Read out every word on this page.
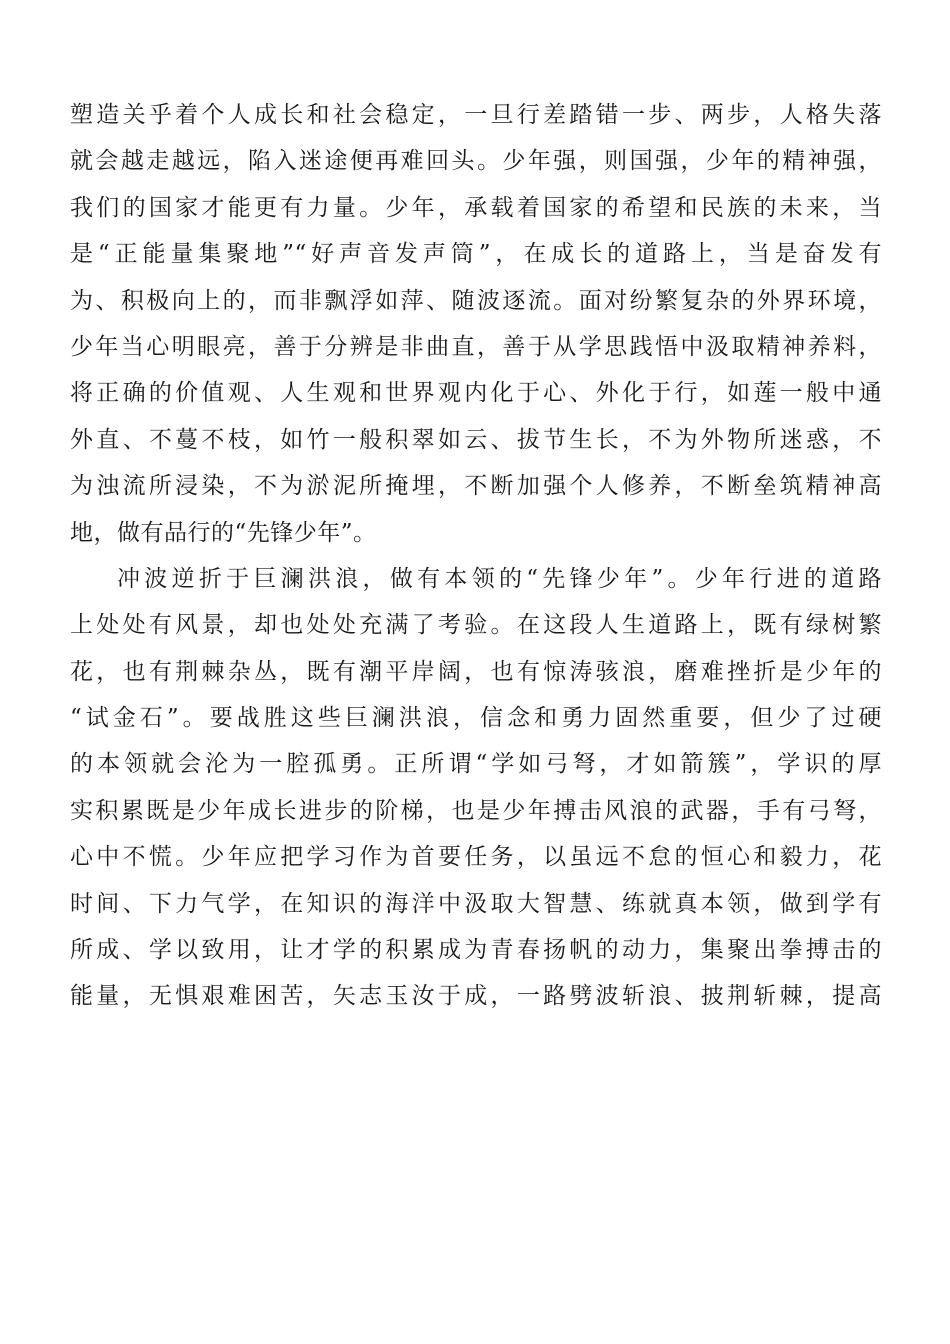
塑造关乎着个人成长和社会稳定，一旦行差踏错一步、两步，人格失落
就会越走越远，陷入迷途便再难回头。少年强，则国强，少年的精神强，
我们的国家才能更有力量。少年，承载着国家的希望和民族的未来，当
是“正能量集聚地”“好声音发声筒”，在成长的道路上，当是奋发有
为、积极向上的，而非飘浮如萍、随波逐流。面对纷繁复杂的外界环境，
少年当心明眼亮，善于分辨是非曲直，善于从学思践悟中汲取精神养料，
将正确的价值观、人生观和世界观内化于心、外化于行，如莲一般中通
外直、不蔓不枝，如竹一般积翠如云、拔节生长，不为外物所迷惑，不
为浊流所浸染，不为淤泥所掩埋，不断加强个人修养，不断垒筑精神高
地，做有品行的“先锋少年”。
冲波逆折于巨澜洪浪，做有本领的“先锋少年”。少年行进的道路
上处处有风景，却也处处充满了考验。在这段人生道路上，既有绿树繁
花，也有荆棘杂丛，既有潮平岸阔，也有惊涛骇浪，磨难挫折是少年的
“试金石”。要战胜这些巨澜洪浪，信念和勇力固然重要，但少了过硬
的本领就会沦为一腔孤勇。正所谓“学如弓弩，才如箭簇”，学识的厚
实积累既是少年成长进步的阶梯，也是少年搏击风浪的武器，手有弓弩，
心中不慌。少年应把学习作为首要任务，以虽远不怠的恒心和毅力，花
时间、下力气学，在知识的海洋中汲取大智慧、练就真本领，做到学有
所成、学以致用，让才学的积累成为青春扬帆的动力，集聚出拳搏击的
能量，无惧艰难困苦，矢志玉汝于成，一路劈波斩浪、披荆斩棘，提高
